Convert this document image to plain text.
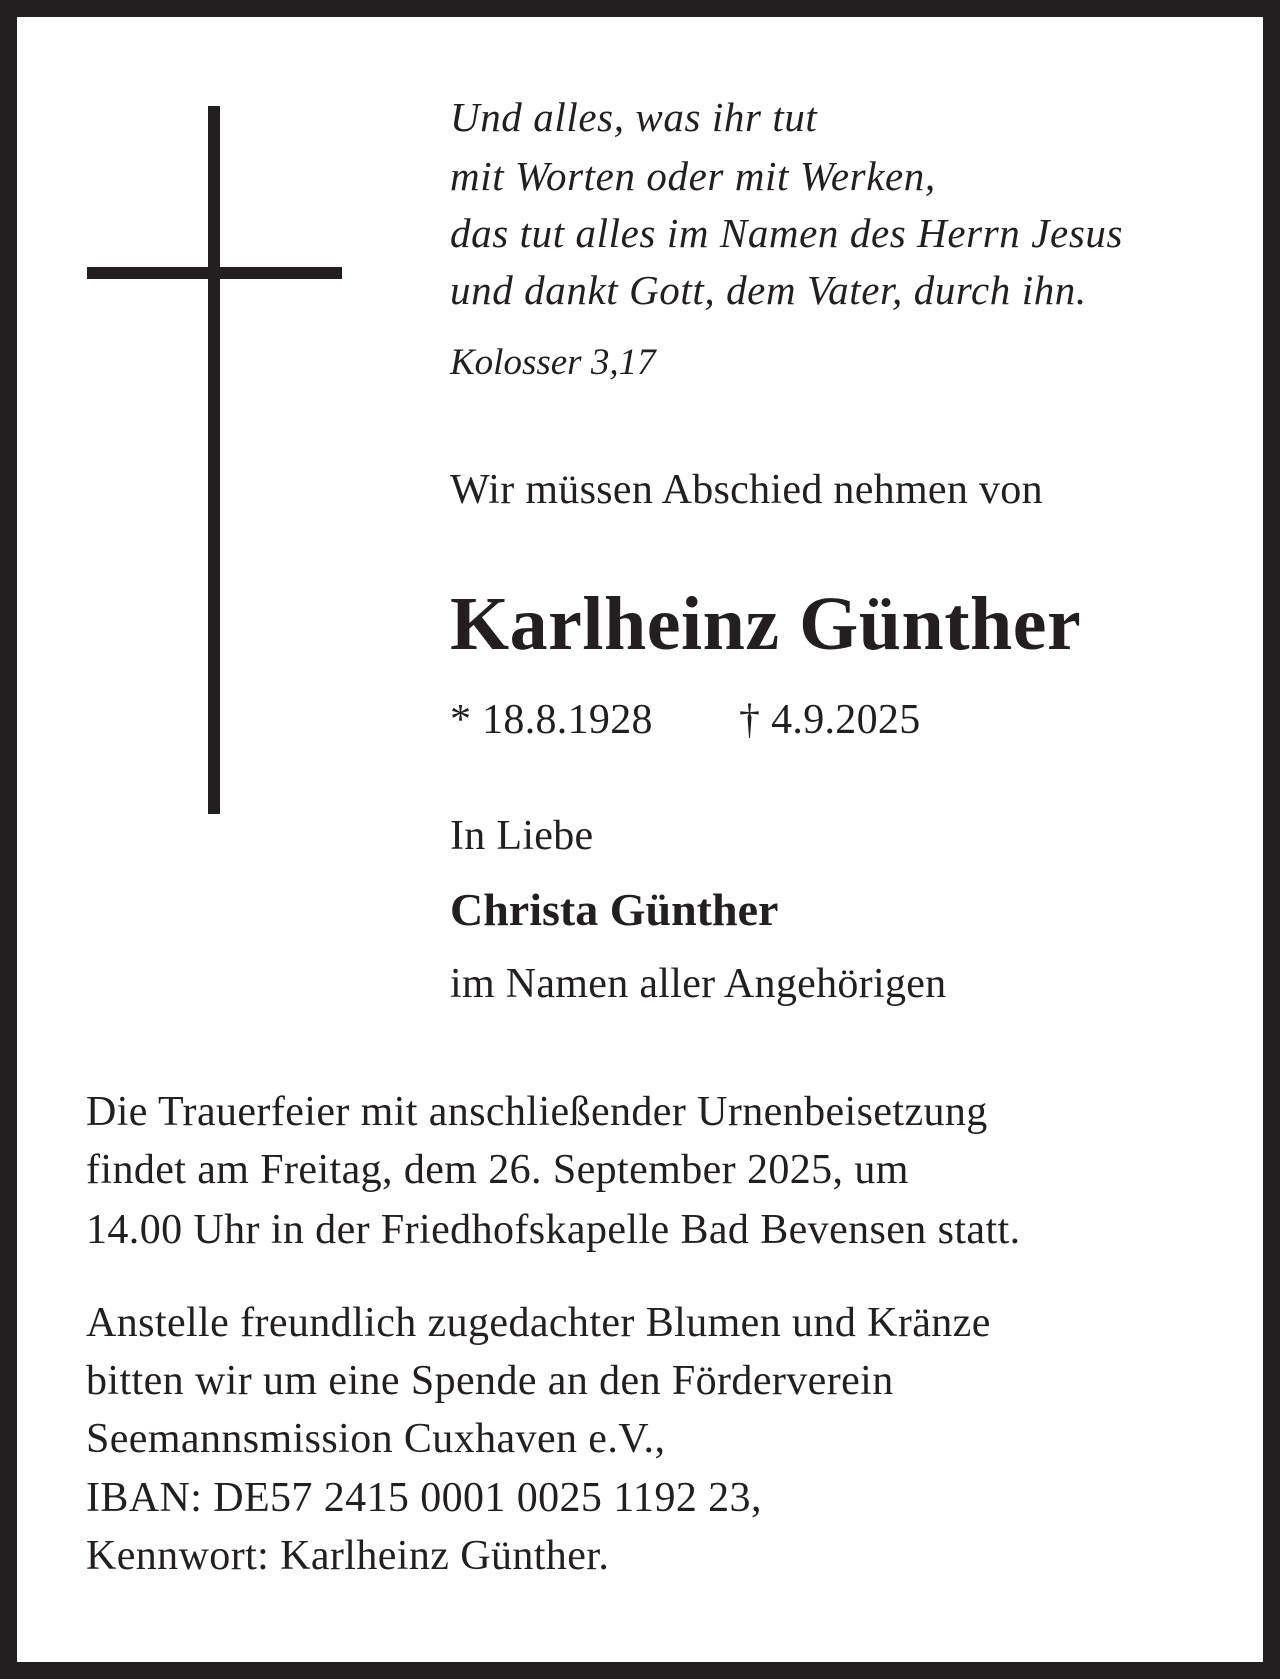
Und alles, was ihr tut
mit Worten oder mit Werken,
das tut alles im Namen des Herrn Jesus
und dankt Gott, dem Vater, durch ihn.
Kolosser 3,17
Wir müssen Abschied nehmen von
Karlheinz Günther
* 18.8.1928 † 4.9.2025
In Liebe
Christa Günther
im Namen aller Angehörigen
Die Trauerfeier mit anschließender Urnenbeisetzung
findet am Freitag, dem 26. September 2025, um
14.00 Uhr in der Friedhofskapelle Bad Bevensen statt.
Anstelle freundlich zugedachter Blumen und Kränze
bitten wir um eine Spende an den Förderverein
Seemannsmission Cuxhaven e.V.,
IBAN: DE57 2415 0001 0025 1192 23,
Kennwort: Karlheinz Günther.
